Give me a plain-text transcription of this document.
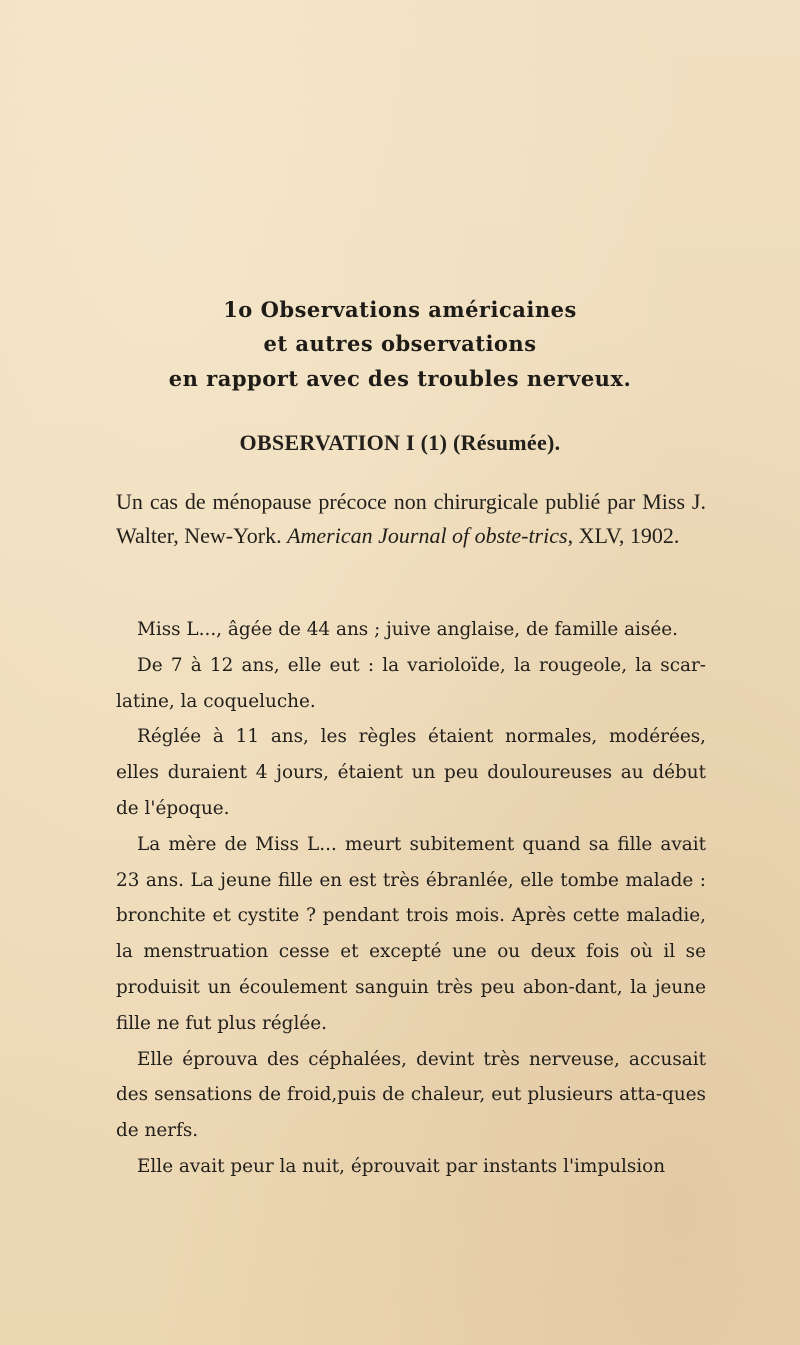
1o Observations américaines
et autres observations
en rapport avec des troubles nerveux.
OBSERVATION I (1) (Résumée).

Un cas de ménopause précoce non chirurgicale publié par Miss J. Walter, New-York. American Journal of obste-trics, XLV, 1902.

Miss L..., âgée de 44 ans ; juive anglaise, de famille aisée.

De 7 à 12 ans, elle eut : la varioloïde, la rougeole, la scar-latine, la coqueluche.

Réglée à 11 ans, les règles étaient normales, modérées, elles duraient 4 jours, étaient un peu douloureuses au début de l'époque.

La mère de Miss L... meurt subitement quand sa fille avait 23 ans. La jeune fille en est très ébranlée, elle tombe malade : bronchite et cystite ? pendant trois mois. Après cette maladie, la menstruation cesse et excepté une ou deux fois où il se produisit un écoulement sanguin très peu abon-dant, la jeune fille ne fut plus réglée.

Elle éprouva des céphalées, devint très nerveuse, accusait des sensations de froid,puis de chaleur, eut plusieurs atta-ques de nerfs.

Elle avait peur la nuit, éprouvait par instants l'impulsion
